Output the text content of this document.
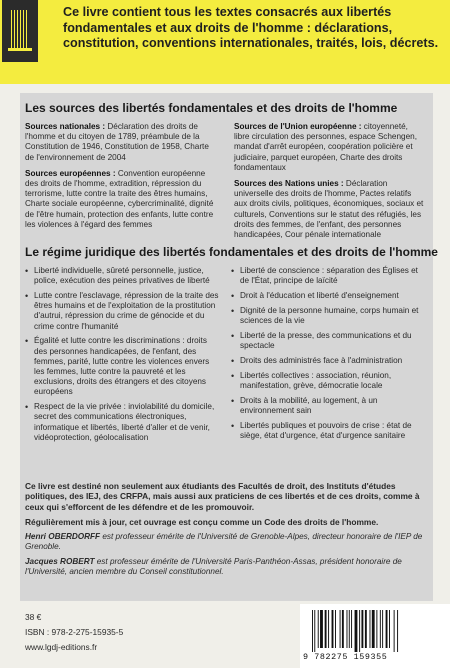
Ce livre contient tous les textes consacrés aux libertés fondamentales et aux droits de l'homme : déclarations, constitution, conventions internationales, traités, lois, décrets.
Les sources des libertés fondamentales et des droits de l'homme

Sources nationales : Déclaration des droits de l'homme et du citoyen de 1789, préambule de la Constitution de 1946, Constitution de 1958, Charte de l'environnement de 2004

Sources européennes : Convention européenne des droits de l'homme, extradition, répression du terrorisme, lutte contre la traite des êtres humains, Charte sociale européenne, cybercriminalité, dignité de l'être humain, protection des enfants, lutte contre les violences à l'égard des femmes

Sources de l'Union européenne : citoyenneté, libre circulation des personnes, espace Schengen, mandat d'arrêt européen, coopération policière et judiciaire, parquet européen, Charte des droits fondamentaux

Sources des Nations unies : Déclaration universelle des droits de l'homme, Pactes relatifs aux droits civils, politiques, économiques, sociaux et culturels, Conventions sur le statut des réfugiés, les droits des femmes, de l'enfant, des personnes handicapées, Cour pénale internationale

Le régime juridique des libertés fondamentales et des droits de l'homme
• Liberté individuelle, sûreté personnelle, justice, police, exécution des peines privatives de liberté
• Lutte contre l'esclavage, répression de la traite des êtres humains et de l'exploitation de la prostitution d'autrui, répression du crime de génocide et du crime contre l'humanité
• Égalité et lutte contre les discriminations : droits des personnes handicapées, de l'enfant, des femmes, parité, lutte contre les violences envers les femmes, lutte contre la pauvreté et les exclusions, droits des étrangers et des citoyens européens
• Respect de la vie privée : inviolabilité du domicile, secret des communications électroniques, informatique et libertés, liberté d'aller et de venir, vidéoprotection, géolocalisation
• Liberté de conscience : séparation des Églises et de l'État, principe de laïcité
• Droit à l'éducation et liberté d'enseignement
• Dignité de la personne humaine, corps humain et sciences de la vie
• Liberté de la presse, des communications et du spectacle
• Droits des administrés face à l'administration
• Libertés collectives : association, réunion, manifestation, grève, démocratie locale
• Droits à la mobilité, au logement, à un environnement sain
• Libertés publiques et pouvoirs de crise : état de siège, état d'urgence, état d'urgence sanitaire
Ce livre est destiné non seulement aux étudiants des Facultés de droit, des Instituts d'études politiques, des IEJ, des CRFPA, mais aussi aux praticiens de ces libertés et de ces droits, comme à ceux qui s'efforcent de les défendre et de les promouvoir.
Régulièrement mis à jour, cet ouvrage est conçu comme un Code des droits de l'homme.
Henri OBERDORFF est professeur émérite de l'Université de Grenoble-Alpes, directeur honoraire de l'IEP de Grenoble.
Jacques ROBERT est professeur émérite de l'Université Paris-Panthéon-Assas, président honoraire de l'Université, ancien membre du Conseil constitutionnel.
38 €
ISBN : 978-2-275-15935-5
www.lgdj-editions.fr
9 782275 159355
